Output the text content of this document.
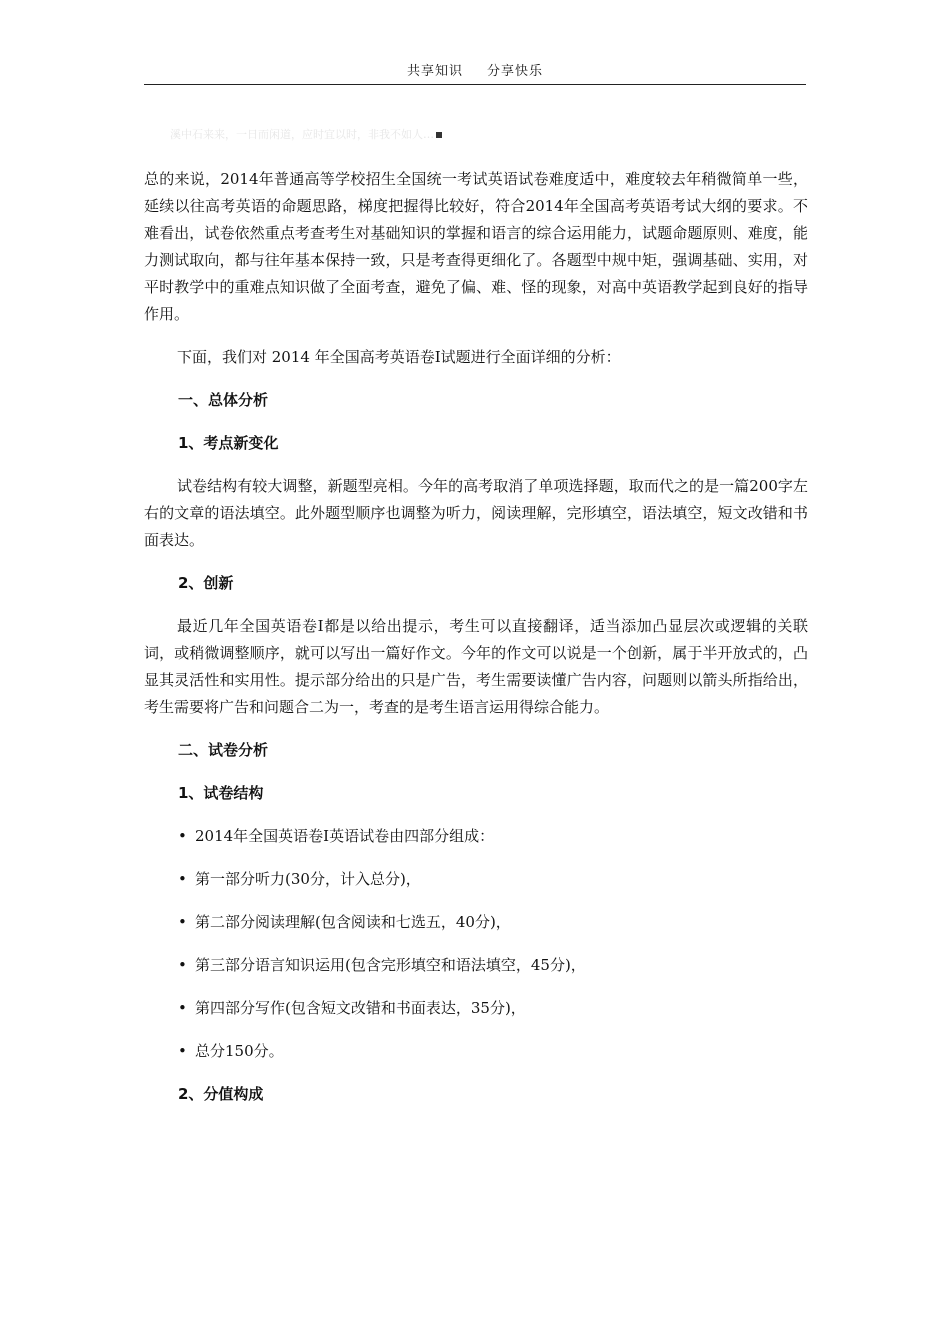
共享知识 分享快乐
溪中石来来，一日而闲道，应时宜以时，非我不如人…

总的来说，2014年普通高等学校招生全国统一考试英语试卷难度适中，难度较去年稍微简单一些，延续以往高考英语的命题思路，梯度把握得比较好，符合2014年全国高考英语考试大纲的要求。不难看出，试卷依然重点考查考生对基础知识的掌握和语言的综合运用能力，试题命题原则、难度，能力测试取向，都与往年基本保持一致，只是考查得更细化了。各题型中规中矩，强调基础、实用，对平时教学中的重难点知识做了全面考查，避免了偏、难、怪的现象，对高中英语教学起到良好的指导作用。

下面，我们对 2014 年全国高考英语卷Ⅰ试题进行全面详细的分析：

一、总体分析

1、考点新变化

试卷结构有较大调整，新题型亮相。今年的高考取消了单项选择题，取而代之的是一篇200字左右的文章的语法填空。此外题型顺序也调整为听力，阅读理解，完形填空，语法填空，短文改错和书面表达。

2、创新

最近几年全国英语卷Ⅰ都是以给出提示，考生可以直接翻译，适当添加凸显层次或逻辑的关联词，或稍微调整顺序，就可以写出一篇好作文。今年的作文可以说是一个创新，属于半开放式的，凸显其灵活性和实用性。提示部分给出的只是广告，考生需要读懂广告内容，问题则以箭头所指给出，考生需要将广告和问题合二为一，考查的是考生语言运用得综合能力。

二、试卷分析

1、试卷结构

• 2014年全国英语卷Ⅰ英语试卷由四部分组成：

• 第一部分听力(30分，计入总分)，

• 第二部分阅读理解(包含阅读和七选五，40分)，

• 第三部分语言知识运用(包含完形填空和语法填空，45分)，

• 第四部分写作(包含短文改错和书面表达，35分)，

• 总分150分。

2、分值构成
